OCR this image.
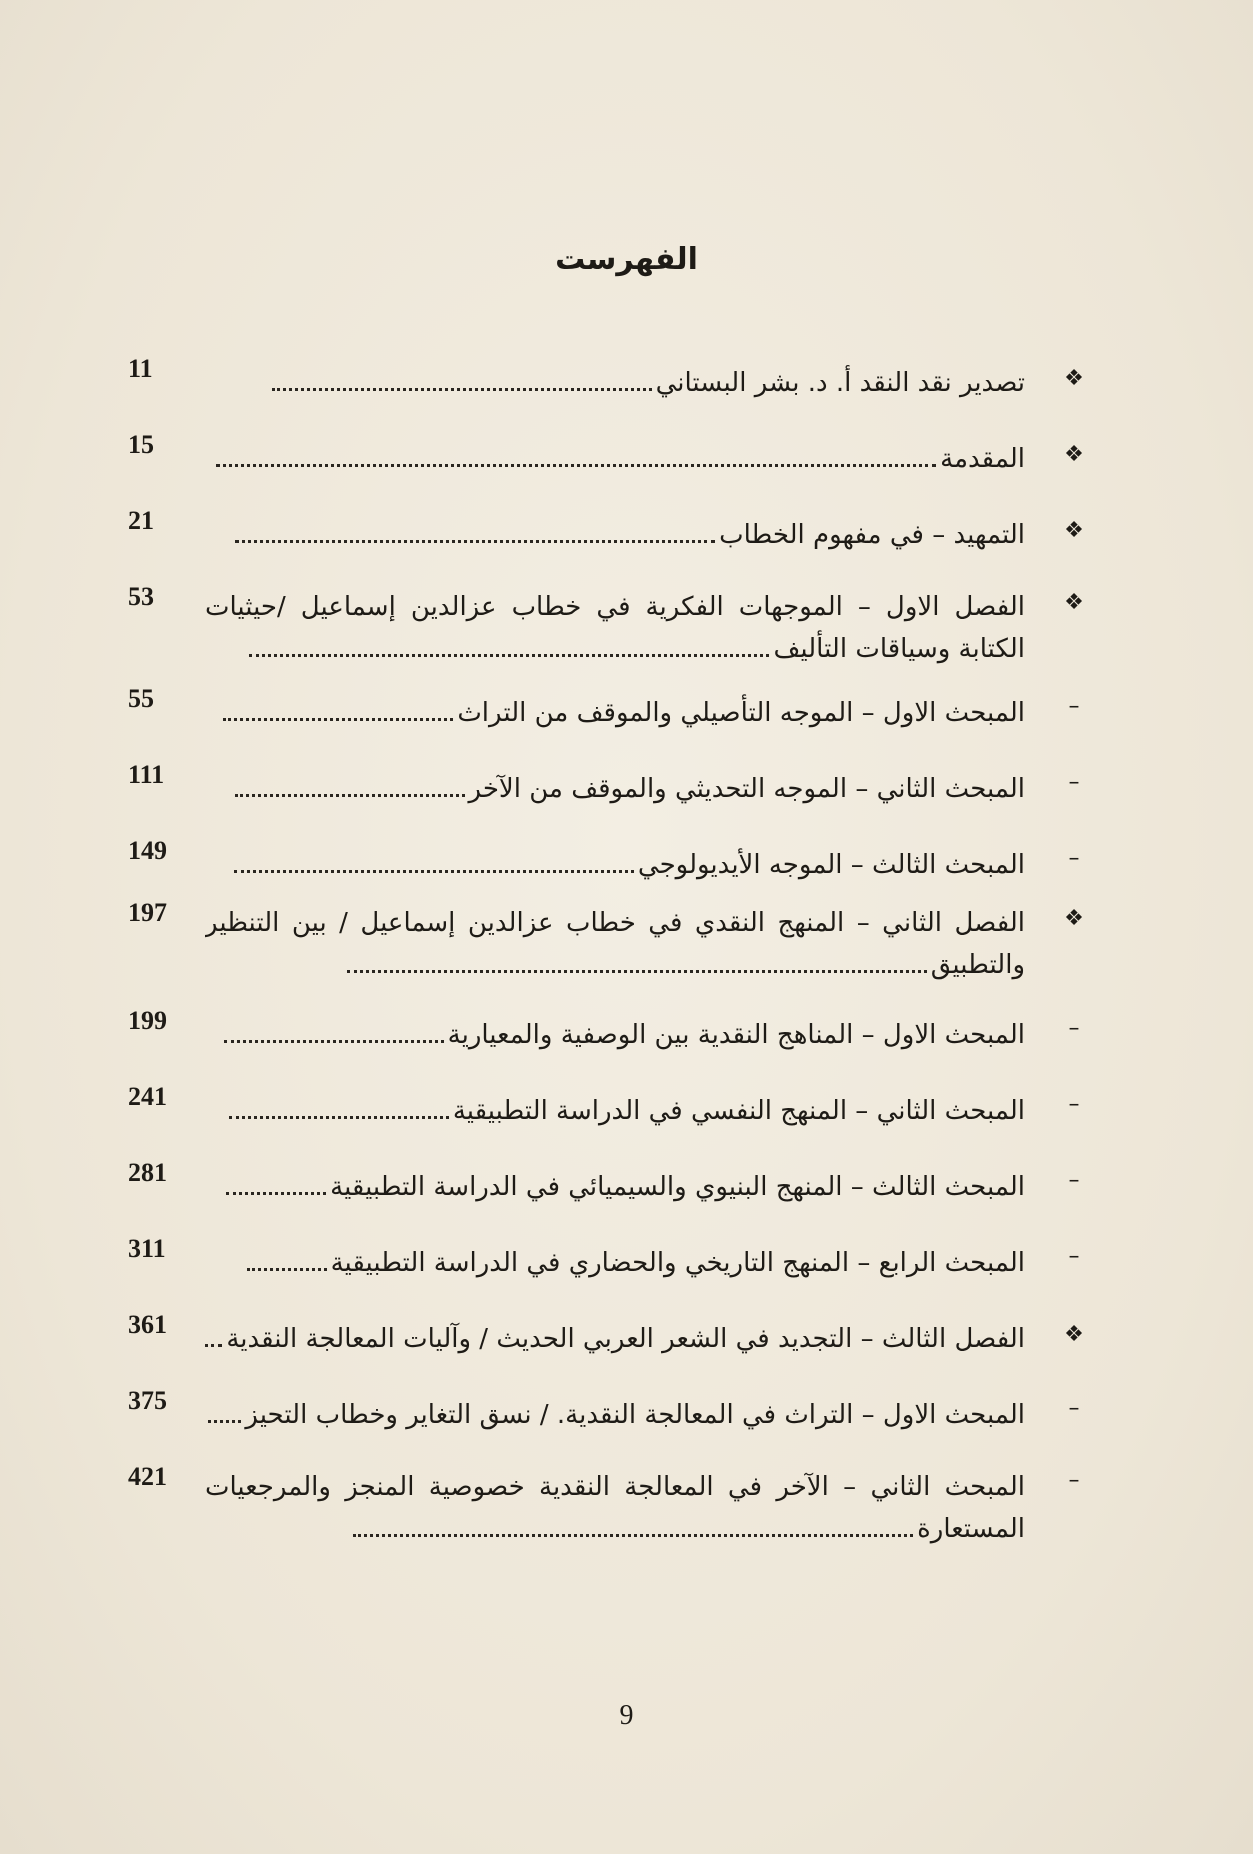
الفهرست
❖
تصدير نقد النقد أ. د. بشر البستاني
11
❖
المقدمة
15
❖
التمهيد – في مفهوم الخطاب
21
❖
الفصل الاول – الموجهات الفكرية في خطاب عزالدين إسماعيل /حيثيات الكتابة وسياقات التأليف
53
–
المبحث الاول – الموجه التأصيلي والموقف من التراث
55
–
المبحث الثاني – الموجه التحديثي والموقف من الآخر
111
–
المبحث الثالث – الموجه الأيديولوجي
149
❖
الفصل الثاني – المنهج النقدي في خطاب عزالدين إسماعيل / بين التنظير والتطبيق
197
–
المبحث الاول – المناهج النقدية بين الوصفية والمعيارية
199
–
المبحث الثاني – المنهج النفسي في الدراسة التطبيقية
241
–
المبحث الثالث – المنهج البنيوي والسيميائي في الدراسة التطبيقية
281
–
المبحث الرابع – المنهج التاريخي والحضاري في الدراسة التطبيقية
311
❖
الفصل الثالث – التجديد في الشعر العربي الحديث / وآليات المعالجة النقدية
361
–
المبحث الاول – التراث في المعالجة النقدية. / نسق التغاير وخطاب التحيز
375
–
المبحث الثاني – الآخر في المعالجة النقدية خصوصية المنجز والمرجعيات المستعارة
421
9
